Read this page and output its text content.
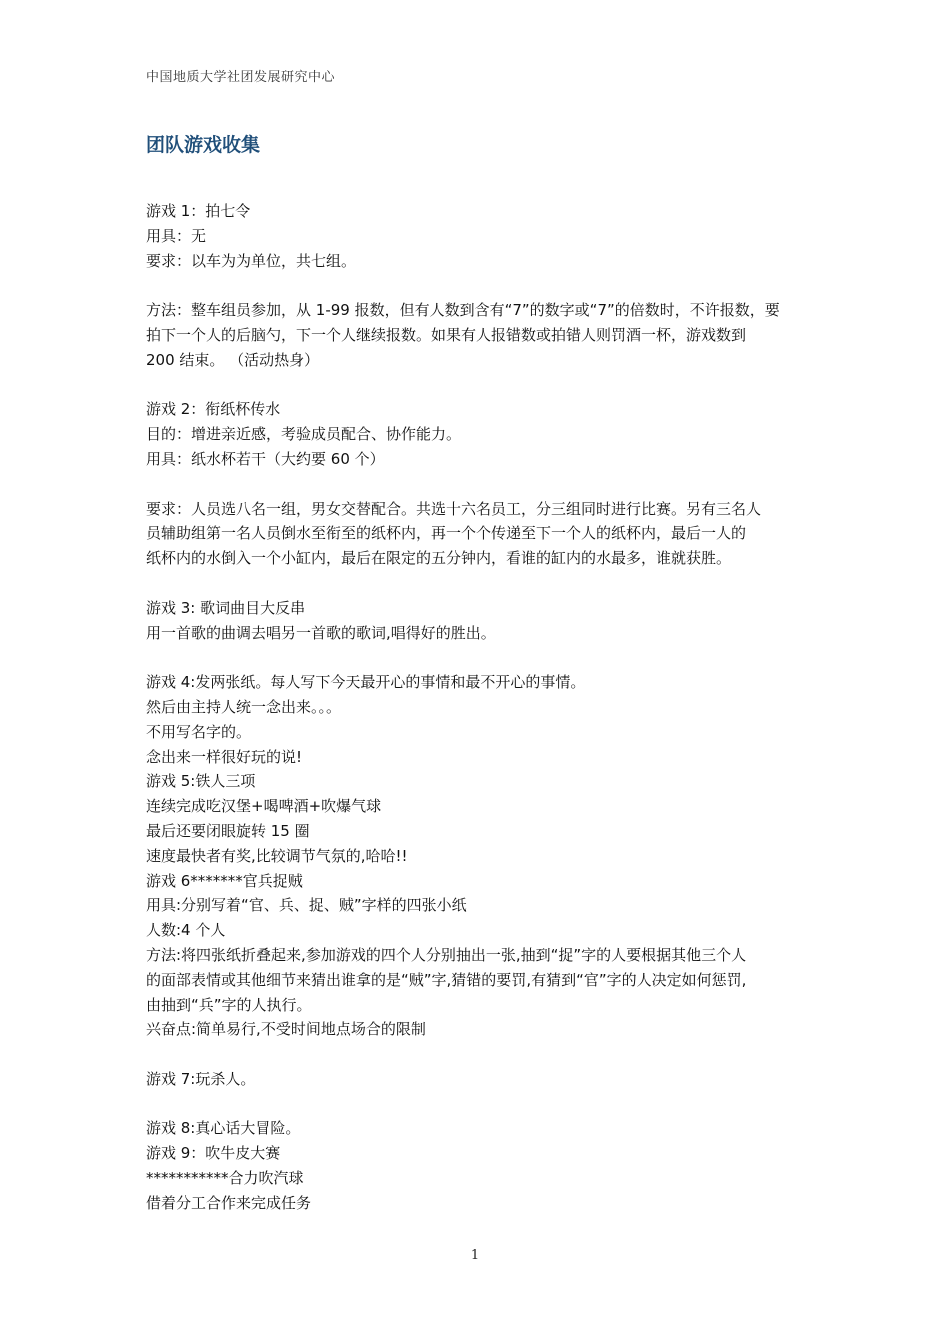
中国地质大学社团发展研究中心
团队游戏收集
游戏 1：拍七令
用具：无
要求：以车为为单位，共七组。
方法：整车组员参加，从 1-99 报数，但有人数到含有“7”的数字或“7”的倍数时，不许报数，要
拍下一个人的后脑勺，下一个人继续报数。如果有人报错数或拍错人则罚酒一杯，游戏数到
200 结束。 （活动热身）
游戏 2：衔纸杯传水
目的：增进亲近感，考验成员配合、协作能力。
用具：纸水杯若干（大约要 60 个）
要求：人员选八名一组，男女交替配合。共选十六名员工，分三组同时进行比赛。另有三名人
员辅助组第一名人员倒水至衔至的纸杯内，再一个个传递至下一个人的纸杯内，最后一人的
纸杯内的水倒入一个小缸内，最后在限定的五分钟内，看谁的缸内的水最多，谁就获胜。
游戏 3: 歌词曲目大反串
用一首歌的曲调去唱另一首歌的歌词,唱得好的胜出。
游戏 4:发两张纸。每人写下今天最开心的事情和最不开心的事情。
然后由主持人统一念出来。。。
不用写名字的。
念出来一样很好玩的说!
游戏 5:铁人三项
连续完成吃汉堡+喝啤酒+吹爆气球
最后还要闭眼旋转 15 圈
速度最快者有奖,比较调节气氛的,哈哈!!
游戏 6*******官兵捉贼
用具:分别写着“官、兵、捉、贼”字样的四张小纸
人数:4 个人
方法:将四张纸折叠起来,参加游戏的四个人分别抽出一张,抽到“捉”字的人要根据其他三个人
的面部表情或其他细节来猜出谁拿的是“贼”字,猜错的要罚,有猜到“官”字的人决定如何惩罚,
由抽到“兵”字的人执行。
兴奋点:简单易行,不受时间地点场合的限制
游戏 7:玩杀人。
游戏 8:真心话大冒险。
游戏 9：吹牛皮大赛
***********合力吹汽球
借着分工合作来完成任务
1
